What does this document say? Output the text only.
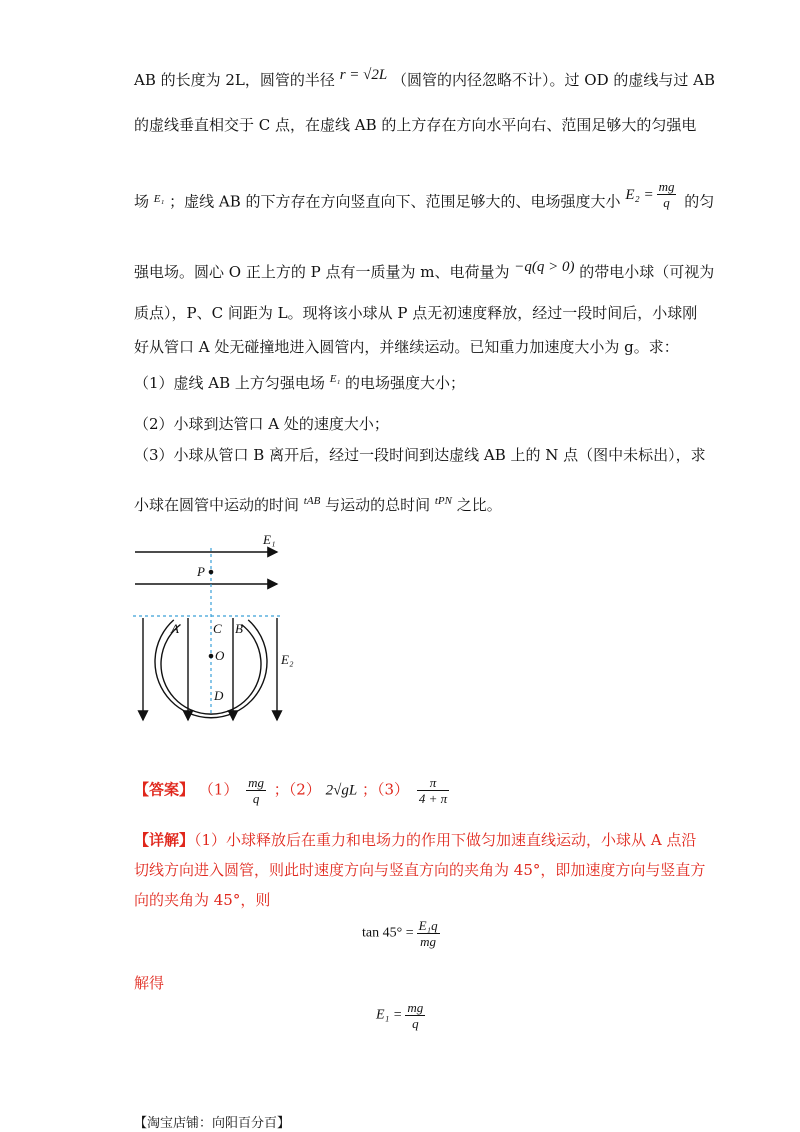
AB 的长度为 2L，圆管的半径 r = √2L （圆管的内径忽略不计）。过 OD 的虚线与过 AB
的虚线垂直相交于 C 点，在虚线 AB 的上方存在方向水平向右、范围足够大的匀强电
场 $^{E_1}$ ；虚线 AB 的下方存在方向竖直向下、范围足够大的、电场强度大小 $E_2 = \frac{mg}{q}$ 的匀
强电场。圆心 O 正上方的 P 点有一质量为 m、电荷量为 −q(q > 0) 的带电小球（可视为
质点），P、C 间距为 L。现将该小球从 P 点无初速度释放，经过一段时间后，小球刚
好从管口 A 处无碰撞地进入圆管内，并继续运动。已知重力加速度大小为 g。求：
（1）虚线 AB 上方匀强电场 $^{E_1}$ 的电场强度大小；
（2）小球到达管口 A 处的速度大小；
（3）小球从管口 B 离开后，经过一段时间到达虚线 AB 上的 N 点（图中未标出），求
小球在圆管中运动的时间 $^{tAB}$ 与运动的总时间 $^{tPN}$ 之比。
E₁
P
A	C B
O
D
E₂
【答案】 $(1) \frac{mg}{q}$ ；（2） 2√gL ；$(3) \frac{\pi}{4 + \pi}$
【详解】（1）小球释放后在重力和电场力的作用下做匀加速直线运动，小球从 A 点沿
切线方向进入圆管，则此时速度方向与竖直方向的夹角为 45°，即加速度方向与竖直方
向的夹角为 45°，则
$\tan 45^\circ = \frac{\text{E₁q}}{mg}$
解得
$E_1 = \frac{mg}{q}$
【淘宝店铺：向阳百分百】
